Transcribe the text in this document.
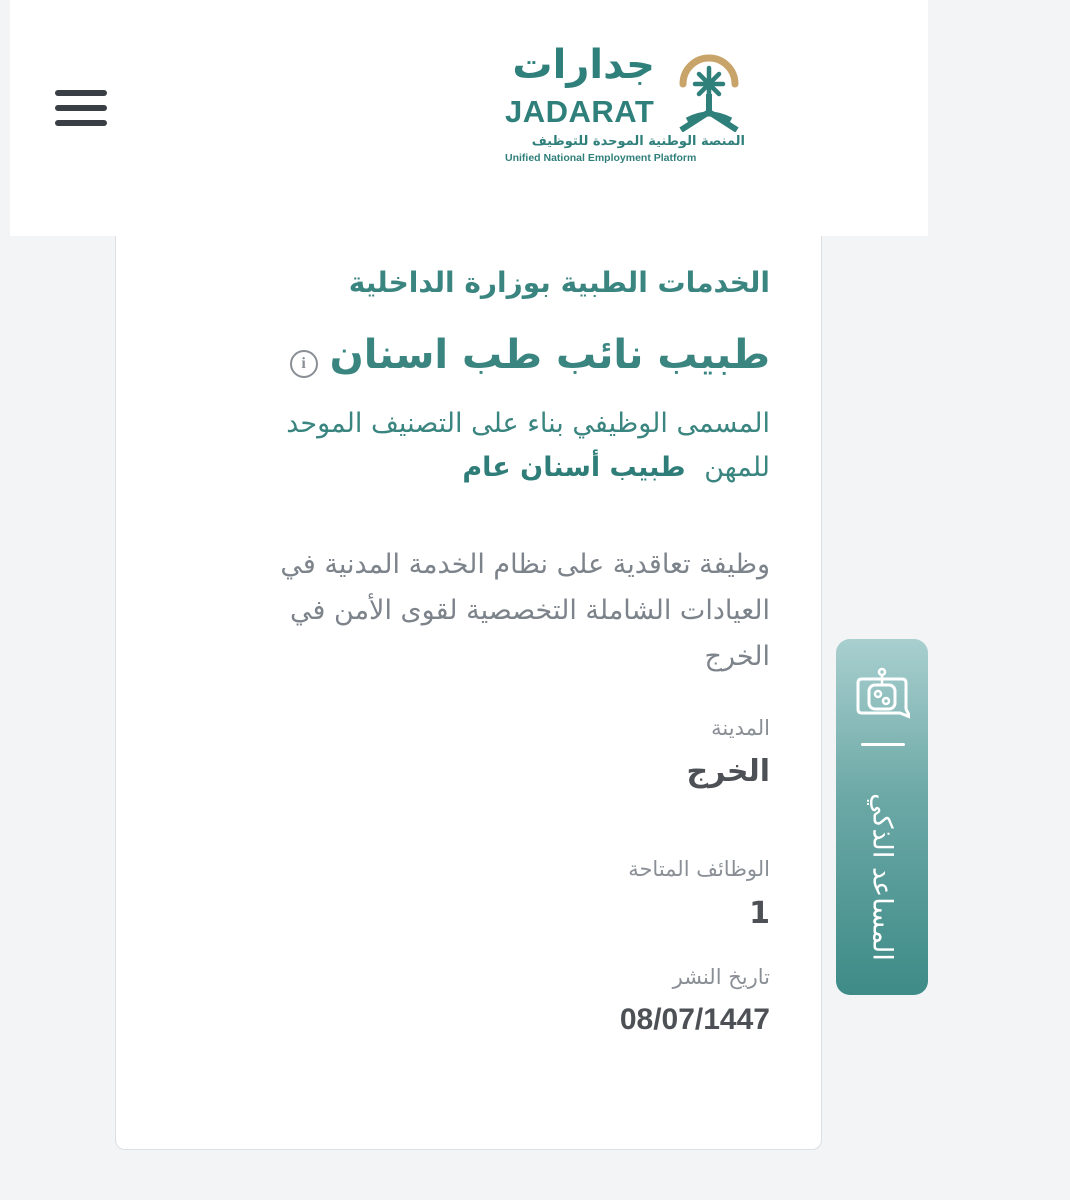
جدارات
JADARAT
المنصة الوطنية الموحدة للتوظيف
Unified National Employment Platform
الخدمات الطبية بوزارة الداخلية
طبيب نائب طب اسنانi
المسمى الوظيفي بناء على التصنيف الموحد للمهن طبيب أسنان عام
وظيفة تعاقدية على نظام الخدمة المدنية في العيادات الشاملة التخصصية لقوى الأمن في الخرج
المدينة
الخرج
الوظائف المتاحة
1
تاريخ النشر
08/07/1447
المساعد الذكي
